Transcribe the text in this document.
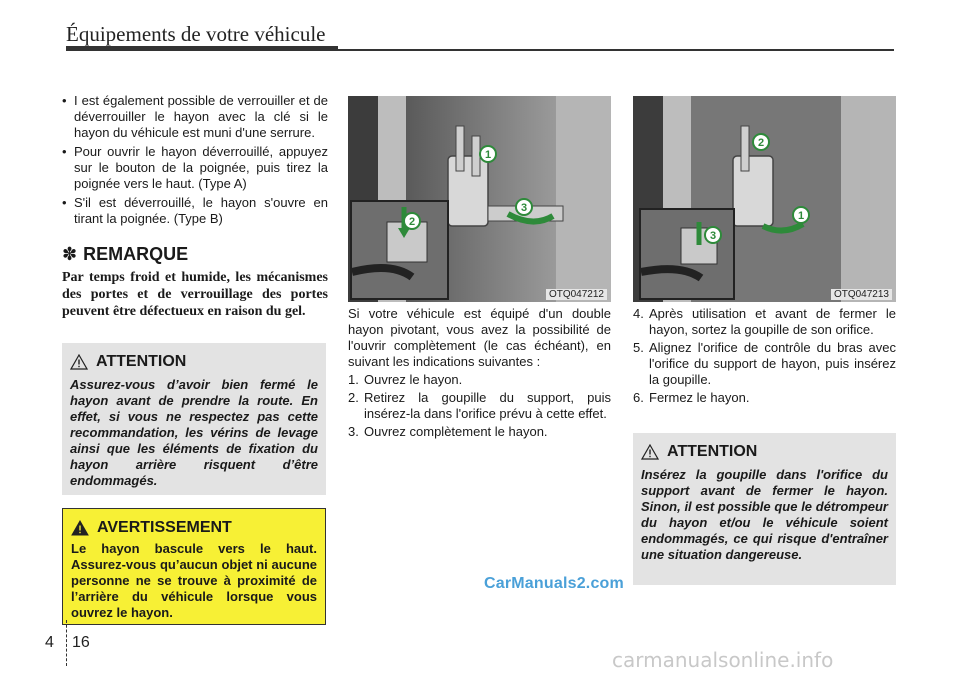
Équipements de votre véhicule
• I est également possible de verrouiller et de déverrouiller le hayon avec la clé si le hayon du véhicule est muni d'une serrure.
• Pour ouvrir le hayon déverrouillé, appuyez sur le bouton de la poignée, puis tirez la poignée vers le haut. (Type A)
• S'il est déverrouillé, le hayon s'ouvre en tirant la poignée. (Type B)
✽ REMARQUE
Par temps froid et humide, les mécanismes des portes et de verrouillage des portes peuvent être défectueux en raison du gel.
ATTENTION
Assurez-vous d’avoir bien fermé le hayon avant de prendre la route. En effet, si vous ne respectez pas cette recommandation, les vérins de levage ainsi que les éléments de fixation du hayon arrière risquent d’être endommagés.
AVERTISSEMENT
Le hayon bascule vers le haut. Assurez-vous qu’aucun objet ni aucune personne ne se trouve à proximité de l’arrière du véhicule lorsque vous ouvrez le hayon.
OTQ047212
1
2
3
OTQ047213
2
1
3

Si votre véhicule est équipé d'un double hayon pivotant, vous avez la possibilité de l'ouvrir complètement (le cas échéant), en suivant les indications suivantes :

1. Ouvrez le hayon.
2. Retirez la goupille du support, puis insérez-la dans l'orifice prévu à cette effet.
3. Ouvrez complètement le hayon.
4. Après utilisation et avant de fermer le hayon, sortez la goupille de son orifice.
5. Alignez l'orifice de contrôle du bras avec l'orifice du support de hayon, puis insérez la goupille.
6. Fermez le hayon.
ATTENTION
Insérez la goupille dans l'orifice du support avant de fermer le hayon. Sinon, il est possible que le détrompeur du hayon et/ou le véhicule soient endommagés, ce qui risque d'entraîner une situation dangereuse.
CarManuals2.com
4 16
carmanualsonline.info
